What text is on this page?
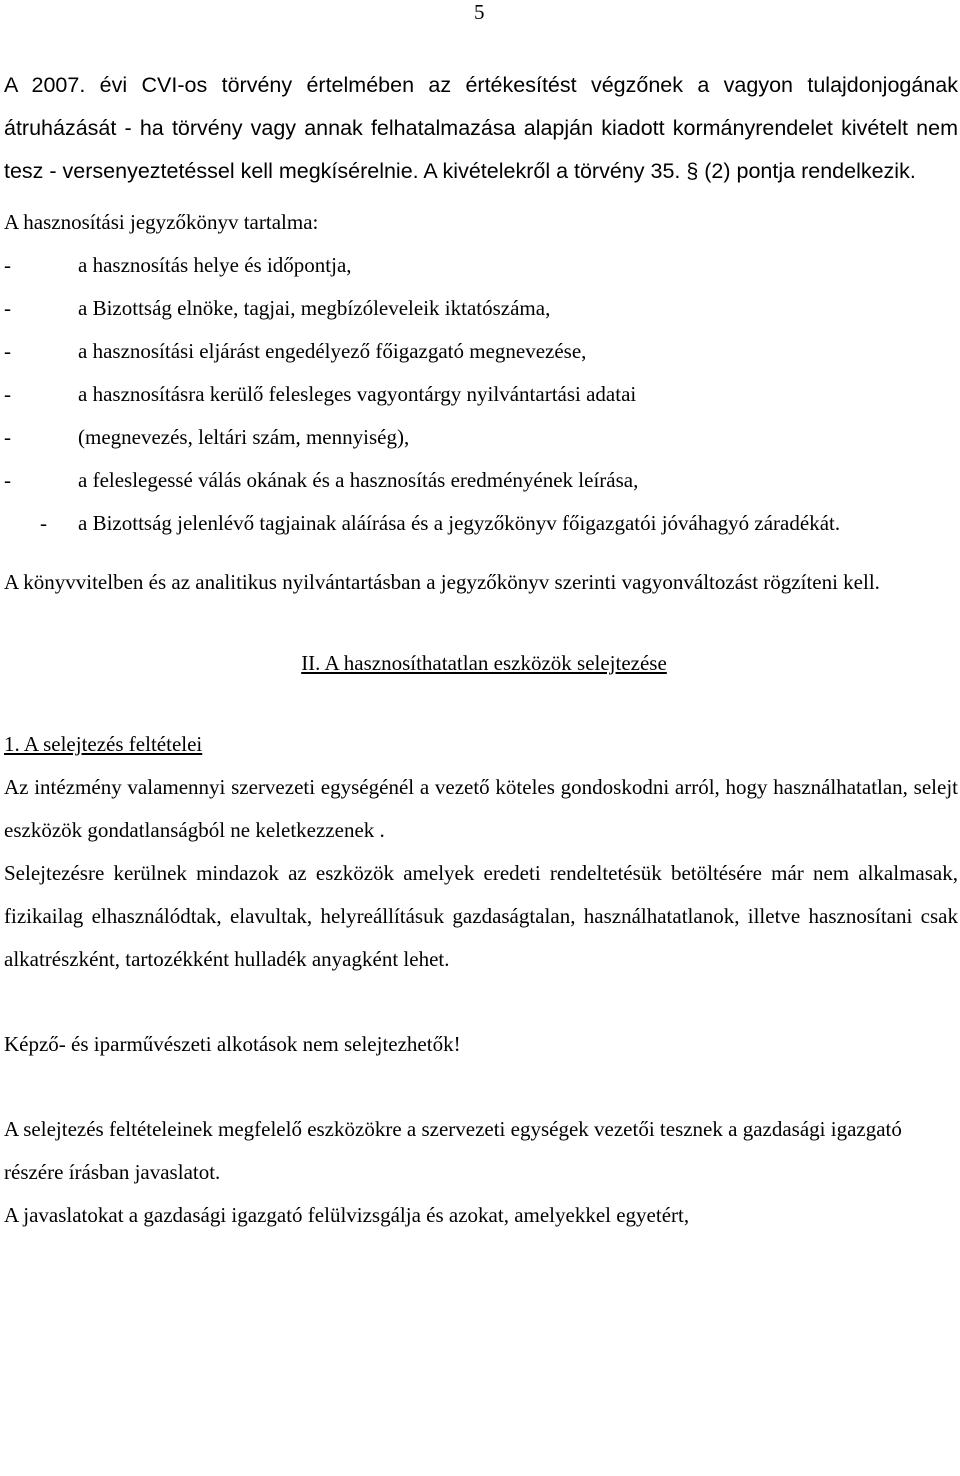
5

A 2007. évi CVI-os törvény értelmében az értékesítést végzőnek a vagyon tulajdonjogának átruházását - ha törvény vagy annak felhatalmazása alapján kiadott kormányrendelet kivételt nem tesz - versenyeztetéssel kell megkísérelnie. A kivételekről a törvény 35. § (2) pontja rendelkezik.

A hasznosítási jegyzőkönyv tartalma:

-	a hasznosítás helye és időpontja,
-	a Bizottság elnöke, tagjai, megbízóleveleik iktatószáma,
-	a hasznosítási eljárást engedélyező főigazgató megnevezése,
-	a hasznosításra kerülő felesleges vagyontárgy nyilvántartási adatai
-	(megnevezés, leltári szám, mennyiség),
-	a feleslegessé válás okának és a hasznosítás eredményének leírása,
- a Bizottság jelenlévő tagjainak aláírása és a jegyzőkönyv főigazgatói jóváhagyó záradékát.

A könyvvitelben és az analitikus nyilvántartásban a jegyzőkönyv szerinti vagyonváltozást rögzíteni kell.

II. A hasznosíthatatlan eszközök selejtezése

1. A selejtezés feltételei

Az intézmény valamennyi szervezeti egységénél a vezető köteles gondoskodni arról, hogy használhatatlan, selejt eszközök gondatlanságból ne keletkezzenek .

Selejtezésre kerülnek mindazok az eszközök amelyek eredeti rendeltetésük betöltésére már nem alkalmasak, fizikailag elhasználódtak, elavultak, helyreállításuk gazdaságtalan, használhatatlanok, illetve hasznosítani csak alkatrészként, tartozékként hulladék anyagként lehet.

Képző- és iparművészeti alkotások nem selejtezhetők!

A selejtezés feltételeinek megfelelő eszközökre a szervezeti egységek vezetői tesznek a gazdasági igazgató részére írásban javaslatot.

A javaslatokat a gazdasági igazgató felülvizsgálja és azokat, amelyekkel egyetért,
